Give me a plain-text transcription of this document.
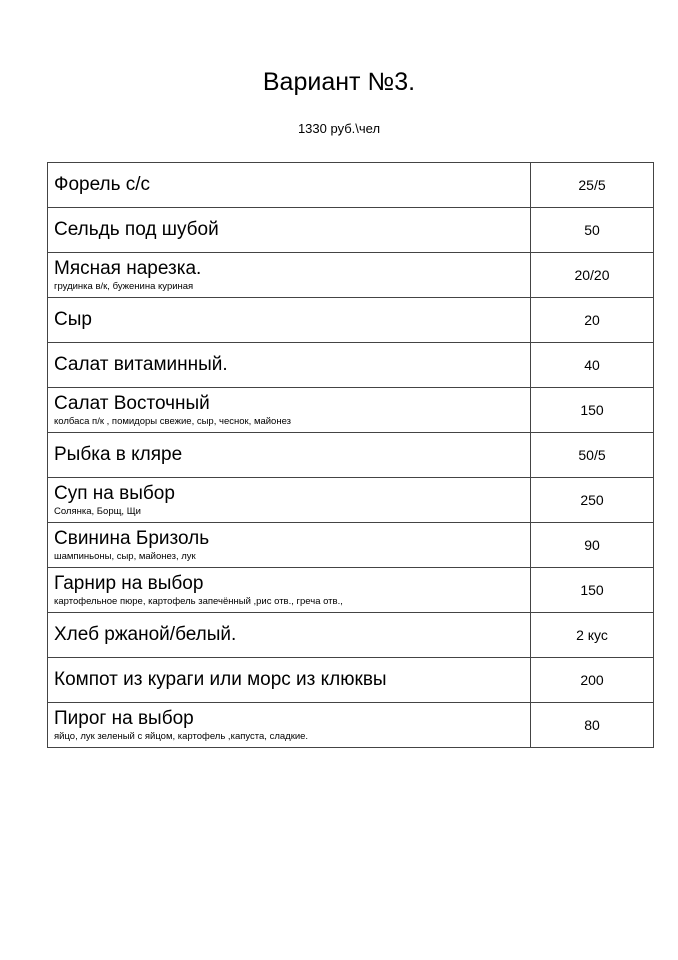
Вариант №3.
1330 руб.\чел
Форель с/с	25/5

Сельдь под шубой	50

Мясная нарезка.
грудинка в/к, буженина куриная	20/20

Сыр	20

Салат витаминный.	40

Салат Восточный
колбаса п/к , помидоры свежие, сыр, чеснок, майонез	150

Рыбка в кляре	50/5

Суп на выбор
Солянка, Борщ, Щи	250

Свинина Бризоль
шампиньоны, сыр, майонез, лук	90

Гарнир на выбор
картофельное пюре, картофель запечённый ,рис отв., греча отв.,	150

Хлеб ржаной/белый.	2 кус

Компот из кураги или морс из клюквы	200

Пирог на выбор
яйцо, лук зеленый с яйцом, картофель ,капуста, сладкие.	80
